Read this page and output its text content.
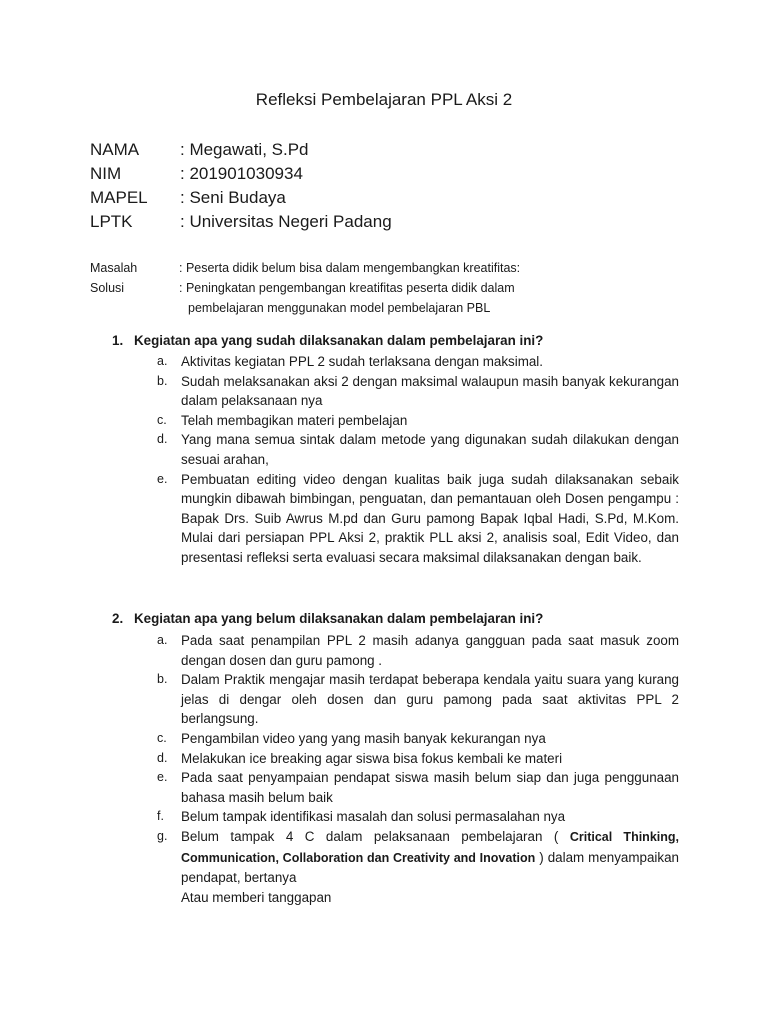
Refleksi Pembelajaran PPL Aksi 2
NAMA	: Megawati, S.Pd
NIM	: 201901030934
MAPEL	: Seni Budaya
LPTK	: Universitas Negeri Padang
Masalah	: Peserta didik belum bisa dalam mengembangkan kreatifitas:
Solusi	: Peningkatan pengembangan kreatifitas peserta didik dalam
pembelajaran menggunakan model pembelajaran PBL
1. Kegiatan apa yang sudah dilaksanakan dalam pembelajaran ini?
a.	Aktivitas kegiatan PPL 2 sudah terlaksana dengan maksimal.
b.	Sudah melaksanakan aksi 2 dengan maksimal walaupun masih banyak kekurangan dalam pelaksanaan nya
c.	Telah membagikan materi pembelajan
d.	Yang mana semua sintak dalam metode yang digunakan sudah dilakukan dengan sesuai arahan,
e.	Pembuatan editing video dengan kualitas baik juga sudah dilaksanakan sebaik mungkin dibawah bimbingan, penguatan, dan pemantauan oleh Dosen pengampu : Bapak Drs. Suib Awrus M.pd dan Guru pamong Bapak Iqbal Hadi, S.Pd, M.Kom. Mulai dari persiapan PPL Aksi 2, praktik PLL aksi 2, analisis soal, Edit Video, dan presentasi refleksi serta evaluasi secara maksimal dilaksanakan dengan baik.
2. Kegiatan apa yang belum dilaksanakan dalam pembelajaran ini?
a.	Pada saat penampilan PPL 2 masih adanya gangguan pada saat masuk zoom dengan dosen dan guru pamong .
b.	Dalam Praktik mengajar masih terdapat beberapa kendala yaitu suara yang kurang jelas di dengar oleh dosen dan guru pamong pada saat aktivitas PPL 2 berlangsung.
c.	Pengambilan video yang yang masih banyak kekurangan nya
d.	Melakukan ice breaking agar siswa bisa fokus kembali ke materi
e.	Pada saat penyampaian pendapat siswa masih belum siap dan juga penggunaan bahasa masih belum baik
f.	Belum tampak identifikasi masalah dan solusi permasalahan nya
g.	Belum tampak 4 C dalam pelaksanaan pembelajaran ( Critical Thinking, Communication, Collaboration dan Creativity and Inovation ) dalam menyampaikan pendapat, bertanya
Atau memberi tanggapan
